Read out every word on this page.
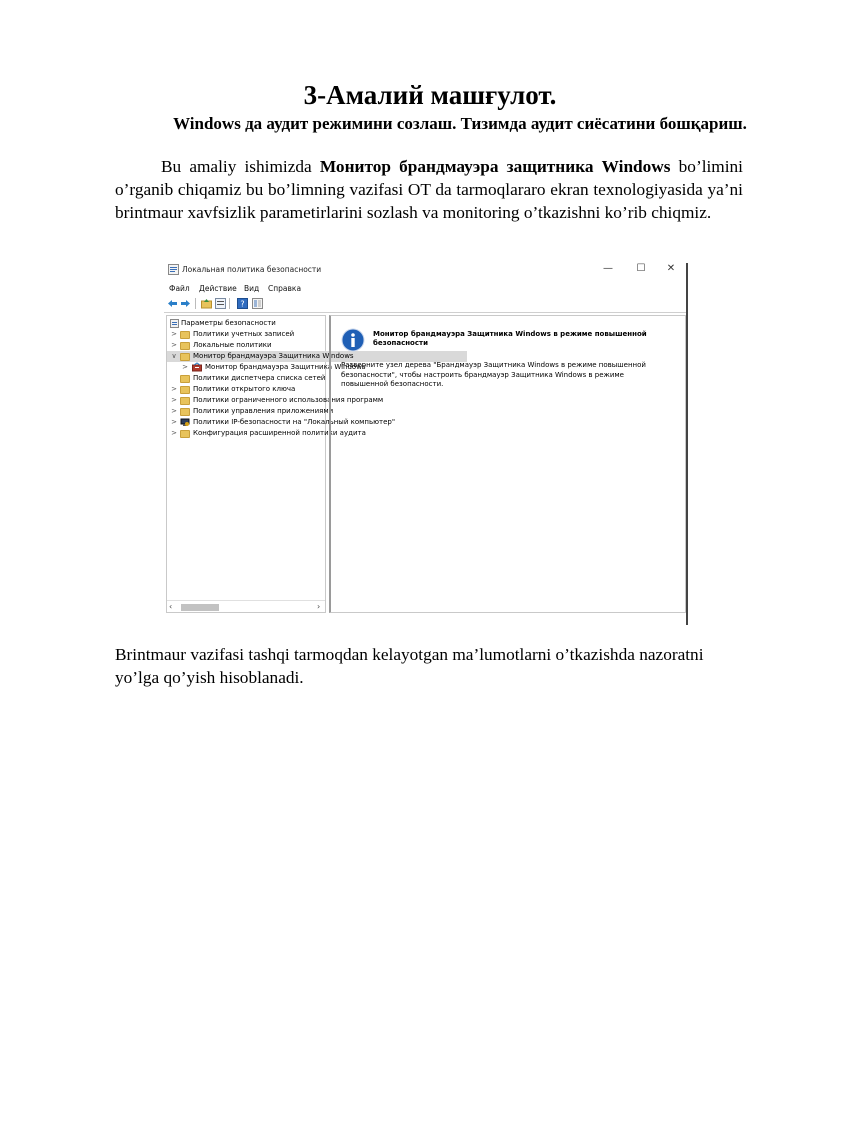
3-Амалий машғулот.
Windows да аудит режимини созлаш. Тизимда аудит сиёсатини бошқариш.
Bu amaliy ishimizda Монитор брандмауэра защитника Windows bo’limini o’rganib chiqamiz bu bo’limning vazifasi OT da tarmoqlararo ekran texnologiyasida ya’ni brintmaur xavfsizlik parametirlarini sozlash va monitoring o’tkazishni ko’rib chiqmiz.
Локальная политика безопасности	—	☐	✕
Файл Действие Вид Справка
?
Параметры безопасности
> Политики учетных записей
> Локальные политики
∨ Монитор брандмауэра Защитника Windows
> Монитор брандмауэра Защитника Windows
Политики диспетчера списка сетей
> Политики открытого ключа
> Политики ограниченного использования программ
> Политики управления приложениями
> Политики IP-безопасности на "Локальный компьютер"
> Конфигурация расширенной политики аудита
‹	›
Монитор брандмауэра Защитника Windows в режиме повышенной безопасности
Разверните узел дерева "Брандмауэр Защитника Windows в режиме повышенной безопасности", чтобы настроить брандмауэр Защитника Windows в режиме повышенной безопасности.
Brintmaur vazifasi tashqi tarmoqdan kelayotgan ma’lumotlarni o’tkazishda nazoratni yo’lga qo’yish hisoblanadi.
